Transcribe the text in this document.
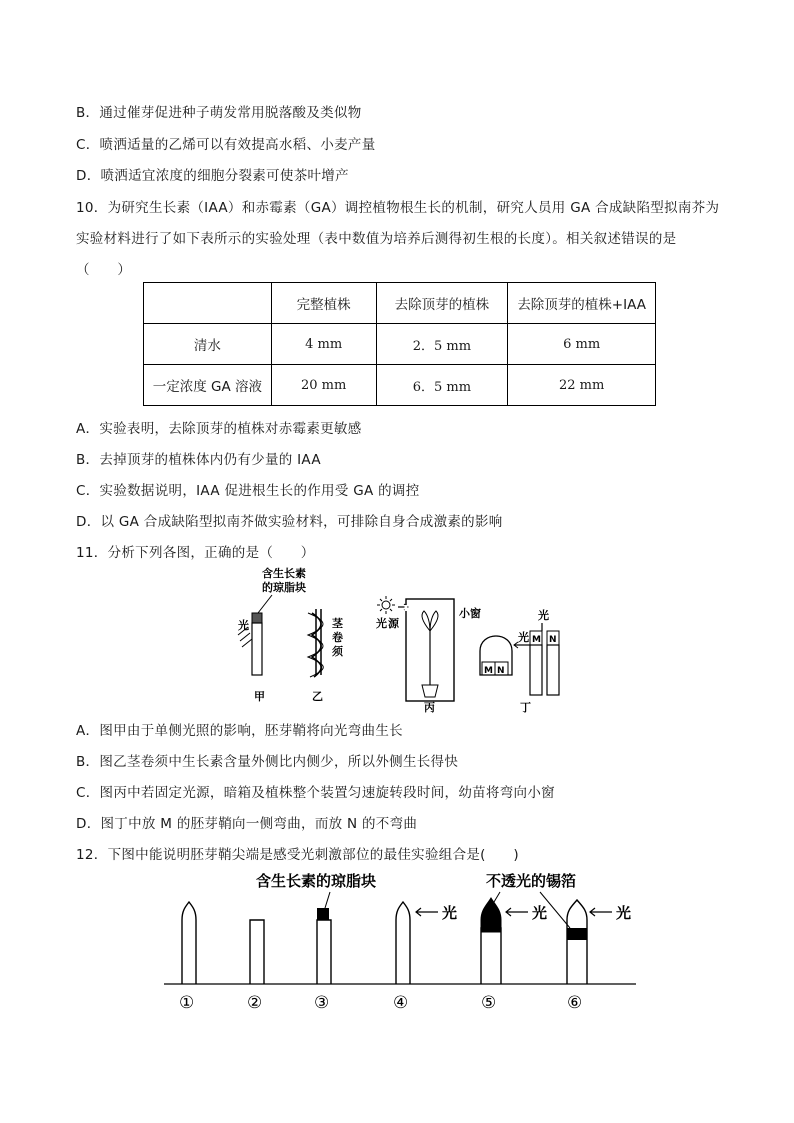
B．通过催芽促进种子萌发常用脱落酸及类似物
C．喷洒适量的乙烯可以有效提高水稻、小麦产量
D．喷洒适宜浓度的细胞分裂素可使茶叶增产
10．为研究生长素（IAA）和赤霉素（GA）调控植物根生长的机制，研究人员用 GA 合成缺陷型拟南芥为
实验材料进行了如下表所示的实验处理（表中数值为培养后测得初生根的长度）。相关叙述错误的是
（　　）
	完整植株	去除顶芽的植株	去除顶芽的植株+IAA
清水	4 mm	2．5 mm	6 mm
一定浓度 GA 溶液	20 mm	6．5 mm	22 mm
A．实验表明，去除顶芽的植株对赤霉素更敏感
B．去掉顶芽的植株体内仍有少量的 IAA
C．实验数据说明，IAA 促进根生长的作用受 GA 的调控
D．以 GA 合成缺陷型拟南芥做实验材料，可排除自身合成激素的影响
11．分析下列各图，正确的是（　　）
含生长素
的琼脂块
光
甲
茎
卷
须
乙
光 源
小窗
丙
M N
光
光
M N
丁
A．图甲由于单侧光照的影响，胚芽鞘将向光弯曲生长
B．图乙茎卷须中生长素含量外侧比内侧少，所以外侧生长得快
C．图丙中若固定光源，暗箱及植株整个装置匀速旋转段时间，幼苗将弯向小窗
D．图丁中放 M 的胚芽鞘向一侧弯曲，而放 N 的不弯曲
12．下图中能说明胚芽鞘尖端是感受光刺激部位的最佳实验组合是(　　)
含生长素的琼脂块	不透光的锡箔
光	光	光
①	②	③	④	⑤	⑥
